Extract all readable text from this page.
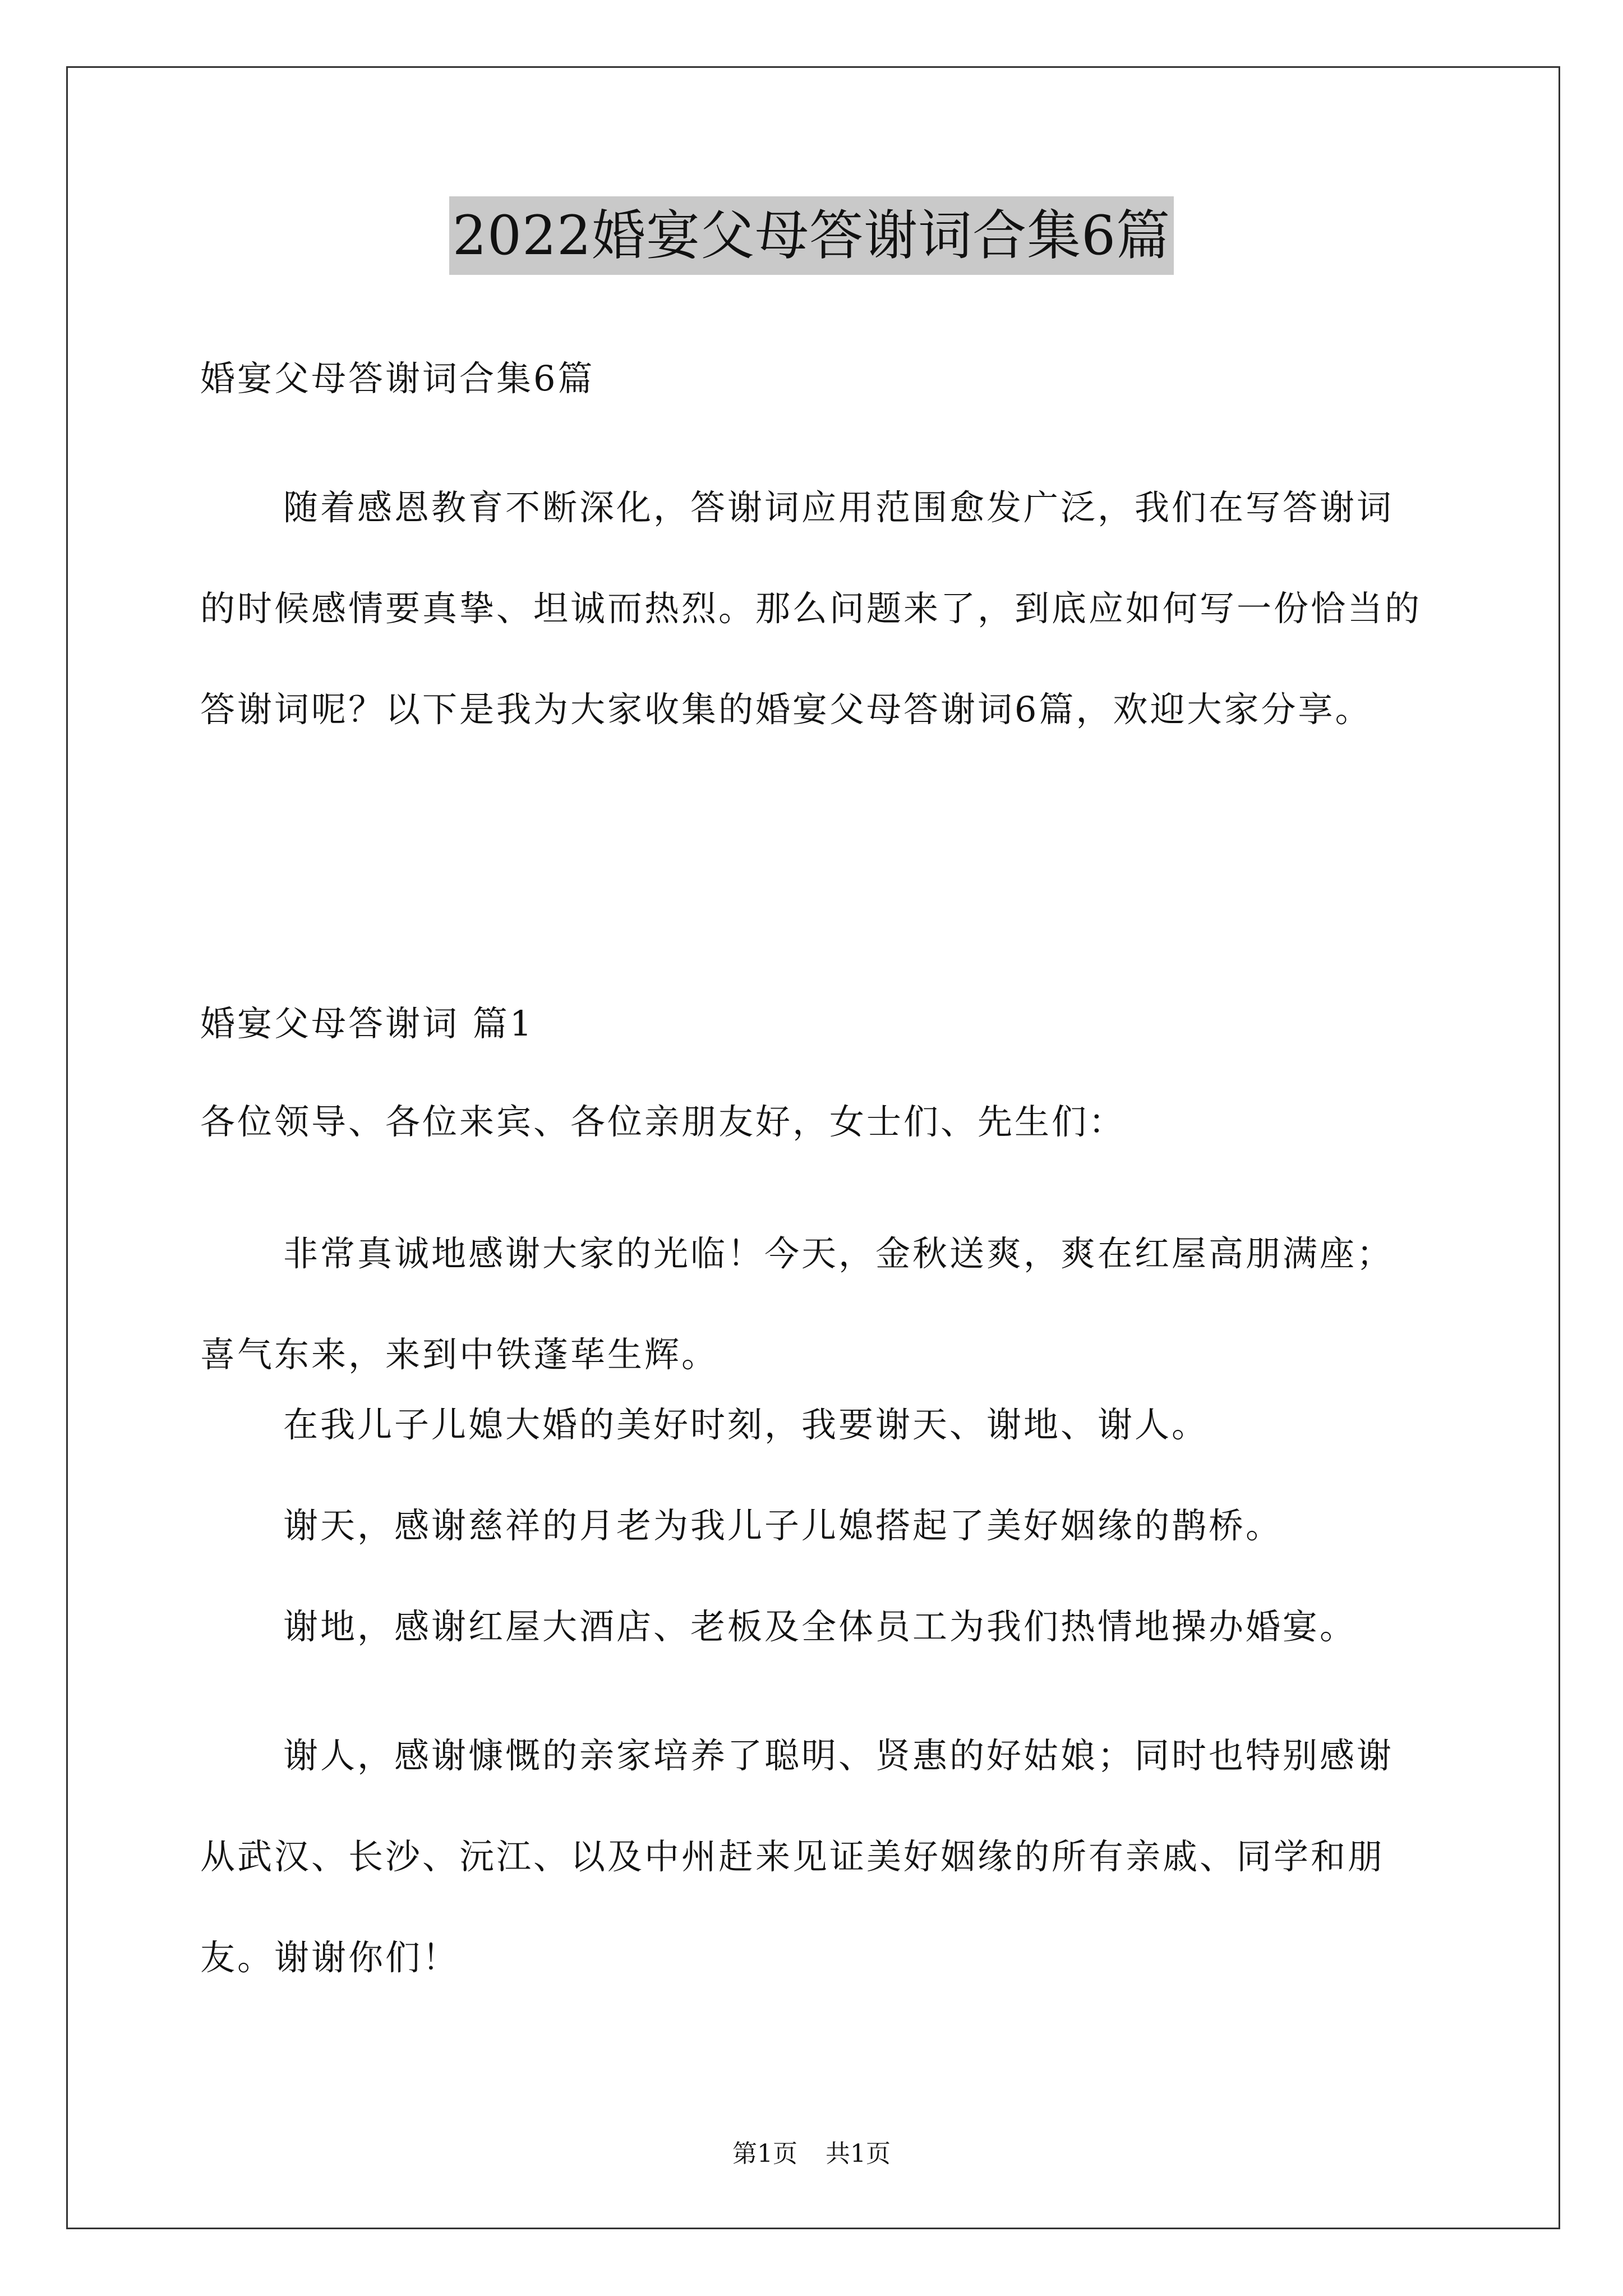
2022婚宴父母答谢词合集6篇
婚宴父母答谢词合集6篇
随着感恩教育不断深化，答谢词应用范围愈发广泛，我们在写答谢词的时候感情要真挚、坦诚而热烈。那么问题来了，到底应如何写一份恰当的答谢词呢？以下是我为大家收集的婚宴父母答谢词6篇，欢迎大家分享。
婚宴父母答谢词 篇1
各位领导、各位来宾、各位亲朋友好，女士们、先生们：
非常真诚地感谢大家的光临！今天，金秋送爽，爽在红屋高朋满座；喜气东来，来到中铁蓬荜生辉。
在我儿子儿媳大婚的美好时刻，我要谢天、谢地、谢人。
谢天，感谢慈祥的月老为我儿子儿媳搭起了美好姻缘的鹊桥。
谢地，感谢红屋大酒店、老板及全体员工为我们热情地操办婚宴。
谢人，感谢慷慨的亲家培养了聪明、贤惠的好姑娘；同时也特别感谢从武汉、长沙、沅江、以及中州赶来见证美好姻缘的所有亲戚、同学和朋友。谢谢你们！
第1页 共1页
